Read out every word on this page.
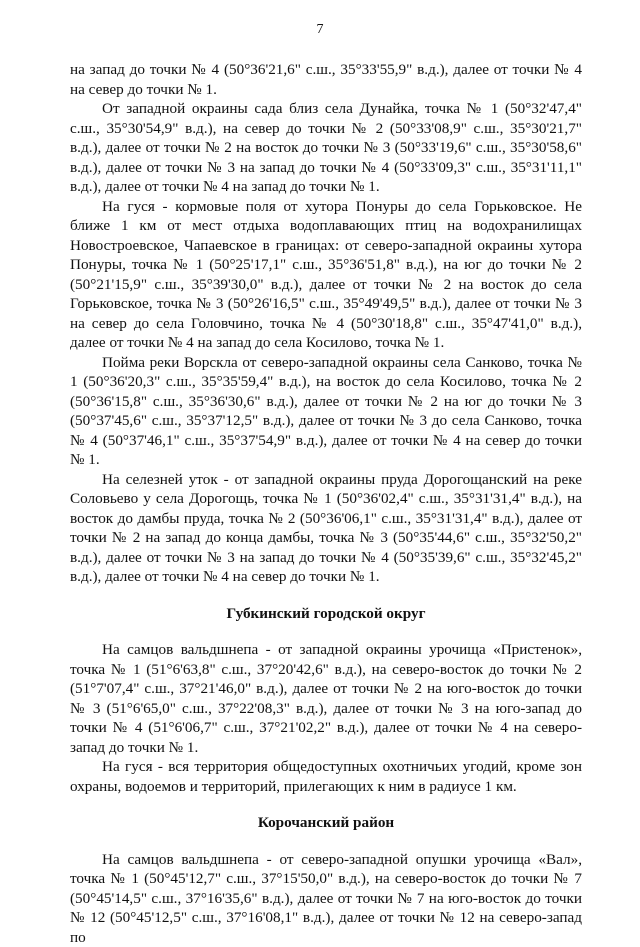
7

на запад до точки № 4 (50°36'21,6" с.ш., 35°33'55,9" в.д.), далее от точки № 4 на север до точки № 1.

От западной окраины сада близ села Дунайка, точка № 1 (50°32'47,4" с.ш., 35°30'54,9" в.д.), на север до точки № 2 (50°33'08,9" с.ш., 35°30'21,7" в.д.), далее от точки № 2 на восток до точки № 3 (50°33'19,6" с.ш., 35°30'58,6" в.д.), далее от точки № 3 на запад до точки № 4 (50°33'09,3" с.ш., 35°31'11,1" в.д.), далее от точки № 4 на запад до точки № 1.

На гуся - кормовые поля от хутора Понуры до села Горьковское. Не ближе 1 км от мест отдыха водоплавающих птиц на водохранилищах Новостроевское, Чапаевское в границах: от северо-западной окраины хутора Понуры, точка № 1 (50°25'17,1" с.ш., 35°36'51,8" в.д.), на юг до точки № 2 (50°21'15,9" с.ш., 35°39'30,0" в.д.), далее от точки № 2 на восток до села Горьковское, точка № 3 (50°26'16,5" с.ш., 35°49'49,5" в.д.), далее от точки № 3 на север до села Головчино, точка № 4 (50°30'18,8" с.ш., 35°47'41,0" в.д.), далее от точки № 4 на запад до села Косилово, точка № 1.

Пойма реки Ворскла от северо-западной окраины села Санково, точка № 1 (50°36'20,3" с.ш., 35°35'59,4" в.д.), на восток до села Косилово, точка № 2 (50°36'15,8" с.ш., 35°36'30,6" в.д.), далее от точки № 2 на юг до точки № 3 (50°37'45,6" с.ш., 35°37'12,5" в.д.), далее от точки № 3 до села Санково, точка № 4 (50°37'46,1" с.ш., 35°37'54,9" в.д.), далее от точки № 4 на север до точки № 1.

На селезней уток - от западной окраины пруда Дорогощанский на реке Соловьево у села Дорогощь, точка № 1 (50°36'02,4" с.ш., 35°31'31,4" в.д.), на восток до дамбы пруда, точка № 2 (50°36'06,1" с.ш., 35°31'31,4" в.д.), далее от точки № 2 на запад до конца дамбы, точка № 3 (50°35'44,6" с.ш., 35°32'50,2" в.д.), далее от точки № 3 на запад до точки № 4 (50°35'39,6" с.ш., 35°32'45,2" в.д.), далее от точки № 4 на север до точки № 1.

Губкинский городской округ

На самцов вальдшнепа - от западной окраины урочища «Пристенок», точка № 1 (51°6'63,8" с.ш., 37°20'42,6" в.д.), на северо-восток до точки № 2 (51°7'07,4" с.ш., 37°21'46,0" в.д.), далее от точки № 2 на юго-восток до точки № 3 (51°6'65,0" с.ш., 37°22'08,3" в.д.), далее от точки № 3 на юго-запад до точки № 4 (51°6'06,7" с.ш., 37°21'02,2" в.д.), далее от точки № 4 на северо-запад до точки № 1.

На гуся - вся территория общедоступных охотничьих угодий, кроме зон охраны, водоемов и территорий, прилегающих к ним в радиусе 1 км.

Корочанский район

На самцов вальдшнепа - от северо-западной опушки урочища «Вал», точка № 1 (50°45'12,7" с.ш., 37°15'50,0" в.д.), на северо-восток до точки № 7 (50°45'14,5" с.ш., 37°16'35,6" в.д.), далее от точки № 7 на юго-восток до точки № 12 (50°45'12,5" с.ш., 37°16'08,1" в.д.), далее от точки № 12 на северо-запад по
